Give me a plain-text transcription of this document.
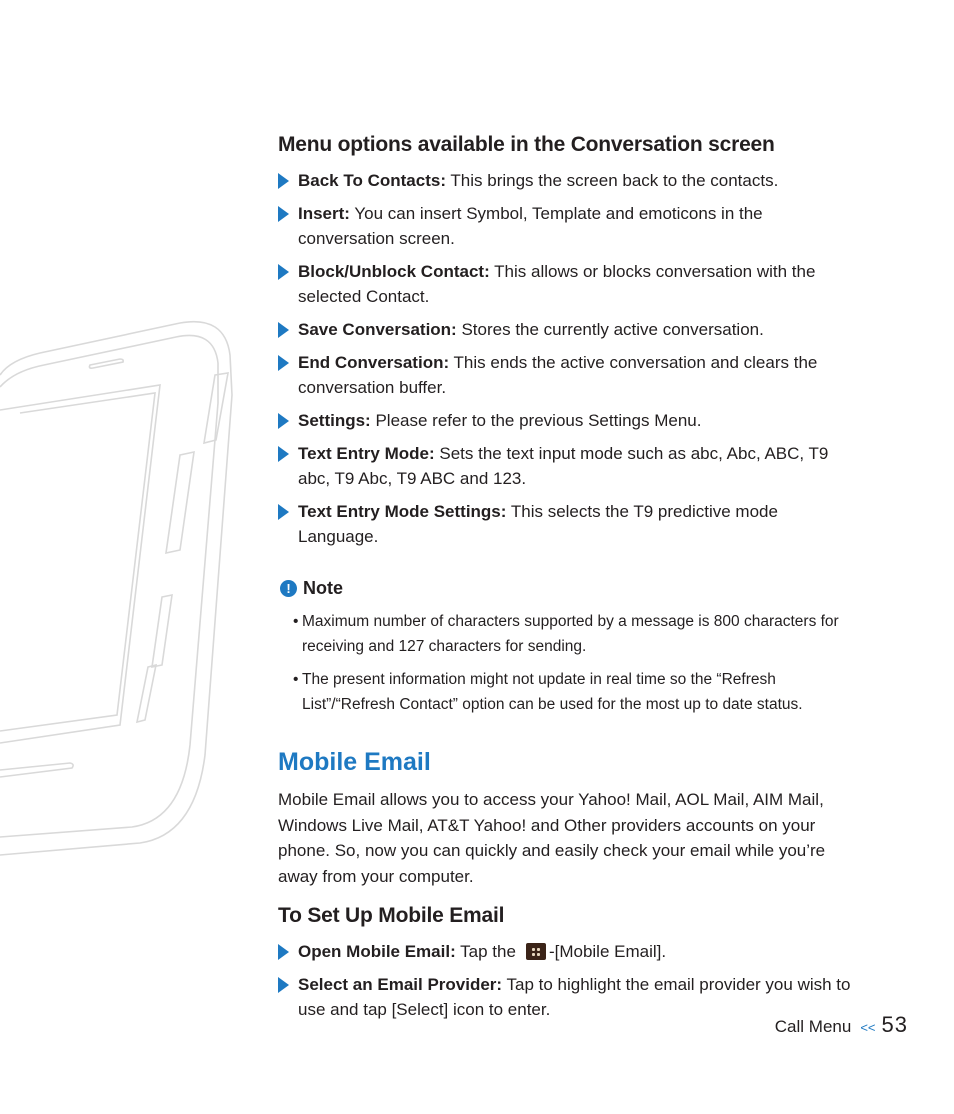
Menu options available in the Conversation screen
Back To Contacts: This brings the screen back to the contacts.
Insert: You can insert Symbol, Template and emoticons in the conversation screen.
Block/Unblock Contact: This allows or blocks conversation with the selected Contact.
Save Conversation: Stores the currently active conversation.
End Conversation: This ends the active conversation and clears the conversation buffer.
Settings: Please refer to the previous Settings Menu.
Text Entry Mode: Sets the text input mode such as abc, Abc, ABC, T9 abc, T9 Abc, T9 ABC and 123.
Text Entry Mode Settings: This selects the T9 predictive mode Language.
! Note
• Maximum number of characters supported by a message is 800 characters for receiving and 127 characters for sending.
• The present information might not update in real time so the “Refresh List”/“Refresh Contact” option can be used for the most up to date status.
Mobile Email

Mobile Email allows you to access your Yahoo! Mail, AOL Mail, AIM Mail, Windows Live Mail, AT&T Yahoo! and Other providers accounts on your phone. So, now you can quickly and easily check your email while you’re away from your computer.

To Set Up Mobile Email
Open Mobile Email: Tap the -[Mobile Email].
Select an Email Provider: Tap to highlight the email provider you wish to use and tap [Select] icon to enter.
Call Menu << 53
